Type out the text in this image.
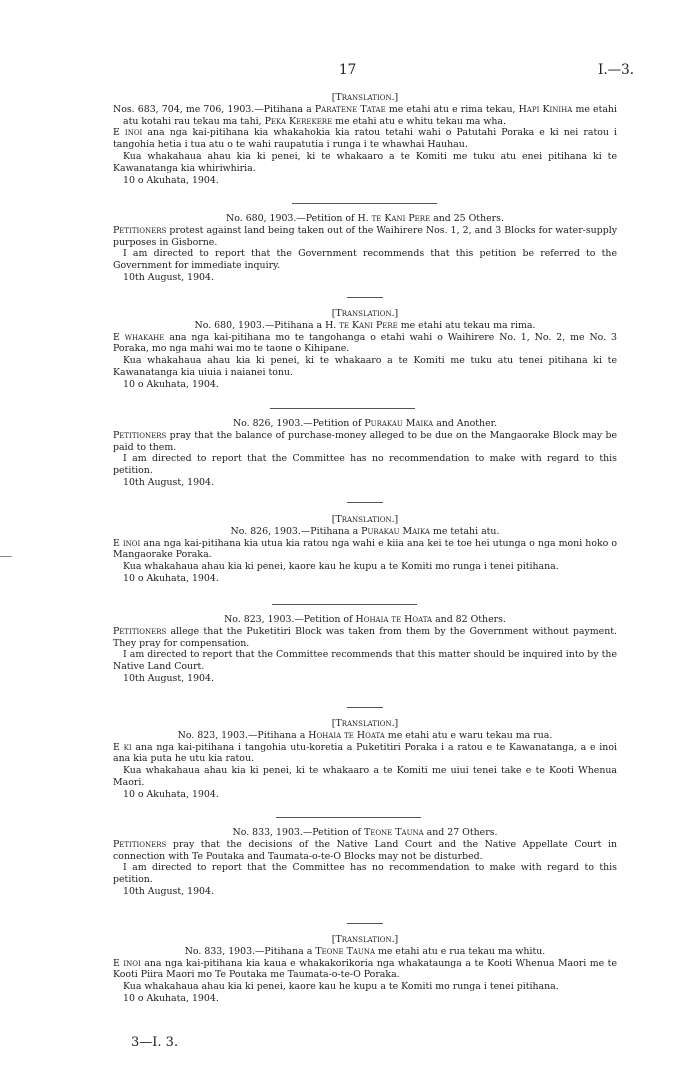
17	I.—3.

[Translation.]

Nos. 683, 704, me 706, 1903.—Pitihana a Paratene Tatae me etahi atu e rima tekau, Hapi Kiniha me etahi atu kotahi rau tekau ma tahi, Peka Kerekere me etahi atu e whitu tekau ma wha.

E inoi ana nga kai-pitihana kia whakahokia kia ratou tetahi wahi o Patutahi Poraka e ki nei ratou i tangohia hetia i tua atu o te wahi raupatutia i runga i te whawhai Hauhau.

Kua whakahaua ahau kia ki penei, ki te whakaaro a te Komiti me tuku atu enei pitihana ki te Kawanatanga kia whiriwhiria.

10 o Akuhata, 1904.

No. 680, 1903.—Petition of H. te Kani Pere and 25 Others.

Petitioners protest against land being taken out of the Waihirere Nos. 1, 2, and 3 Blocks for water-supply purposes in Gisborne.

I am directed to report that the Government recommends that this petition be referred to the Government for immediate inquiry.

10th August, 1904.

[Translation.]

No. 680, 1903.—Pitihana a H. te Kani Pere me etahi atu tekau ma rima.

E whakahe ana nga kai-pitihana mo te tangohanga o etahi wahi o Waihirere No. 1, No. 2, me No. 3 Poraka, mo nga mahi wai mo te taone o Kihipane.

Kua whakahaua ahau kia ki penei, ki te whakaaro a te Komiti me tuku atu tenei pitihana ki te Kawanatanga kia uiuia i naianei tonu.

10 o Akuhata, 1904.

No. 826, 1903.—Petition of Purakau Maika and Another.

Petitioners pray that the balance of purchase-money alleged to be due on the Mangaorake Block may be paid to them.

I am directed to report that the Committee has no recommendation to make with regard to this petition.

10th August, 1904.

[Translation.]

No. 826, 1903.—Pitihana a Purakau Maika me tetahi atu.

E inoi ana nga kai-pitihana kia utua kia ratou nga wahi e kiia ana kei te toe hei utunga o nga moni hoko o Mangaorake Poraka.

Kua whakahaua ahau kia ki penei, kaore kau he kupu a te Komiti mo runga i tenei pitihana.

10 o Akuhata, 1904.

No. 823, 1903.—Petition of Hohaia te Hoata and 82 Others.

Petitioners allege that the Puketitiri Block was taken from them by the Government without payment. They pray for compensation.

I am directed to report that the Committee recommends that this matter should be inquired into by the Native Land Court.

10th August, 1904.

[Translation.]

No. 823, 1903.—Pitihana a Hohaia te Hoata me etahi atu e waru tekau ma rua.

E ki ana nga kai-pitihana i tangohia utu-koretia a Puketitiri Poraka i a ratou e te Kawanatanga, a e inoi ana kia puta he utu kia ratou.

Kua whakahaua ahau kia ki penei, ki te whakaaro a te Komiti me uiui tenei take e te Kooti Whenua Maori.

10 o Akuhata, 1904.

No. 833, 1903.—Petition of Teone Tauna and 27 Others.

Petitioners pray that the decisions of the Native Land Court and the Native Appellate Court in connection with Te Poutaka and Taumata-o-te-O Blocks may not be disturbed.

I am directed to report that the Committee has no recommendation to make with regard to this petition.

10th August, 1904.

[Translation.]

No. 833, 1903.—Pitihana a Teone Tauna me etahi atu e rua tekau ma whitu.

E inoi ana nga kai-pitihana kia kaua e whakakorikoria nga whakataunga a te Kooti Whenua Maori me te Kooti Piira Maori mo Te Poutaka me Taumata-o-te-O Poraka.

Kua whakahaua ahau kia ki penei, kaore kau he kupu a te Komiti mo runga i tenei pitihana.

10 o Akuhata, 1904.

3—I. 3.
